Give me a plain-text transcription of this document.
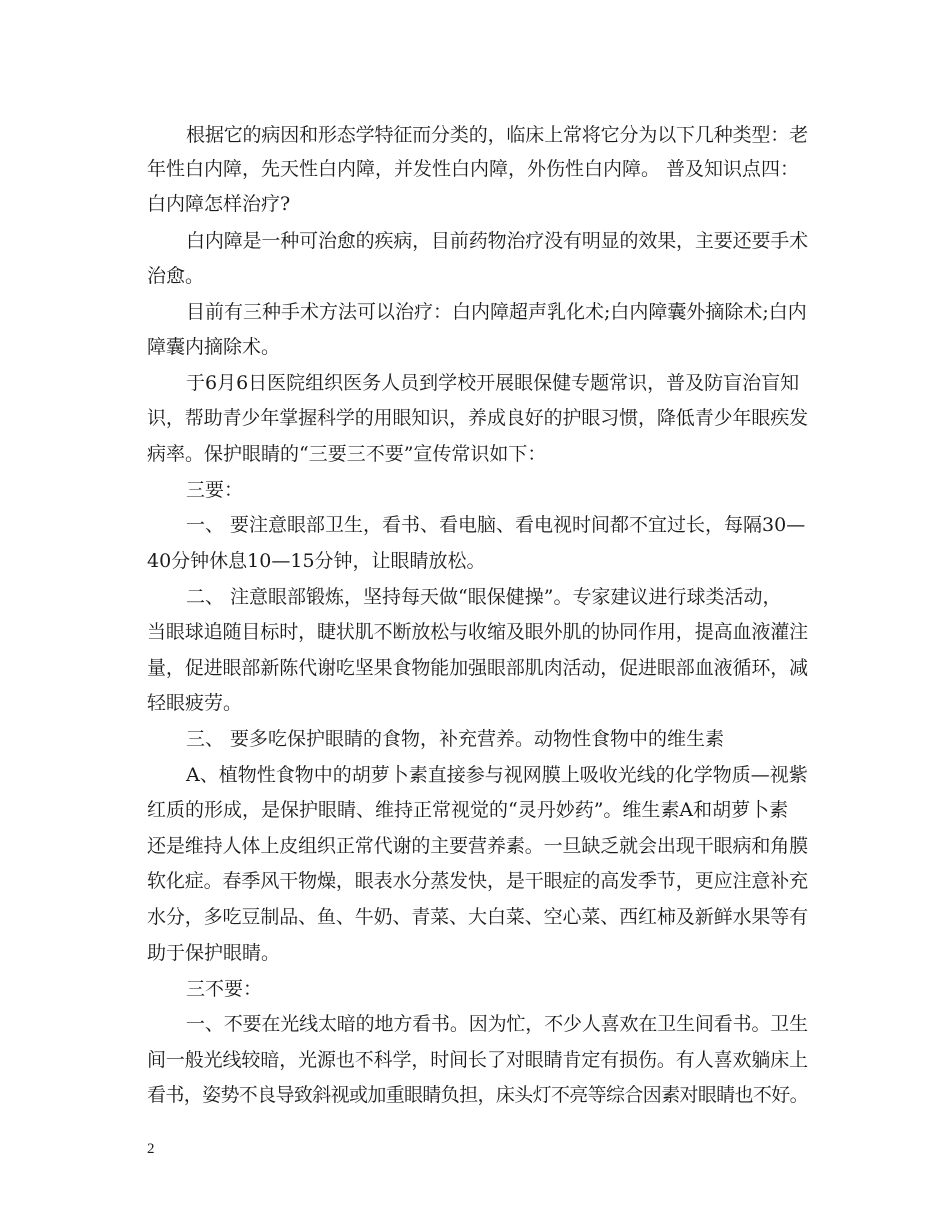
根据它的病因和形态学特征而分类的，临床上常将它分为以下几种类型：老
年性白内障，先天性白内障，并发性白内障，外伤性白内障。 普及知识点四：
白内障怎样治疗?
白内障是一种可治愈的疾病，目前药物治疗没有明显的效果，主要还要手术
治愈。
目前有三种手术方法可以治疗：白内障超声乳化术;白内障囊外摘除术;白内
障囊内摘除术。
于6月6日医院组织医务人员到学校开展眼保健专题常识，普及防盲治盲知
识，帮助青少年掌握科学的用眼知识，养成良好的护眼习惯，降低青少年眼疾发
病率。保护眼睛的“三要三不要”宣传常识如下：
三要：
一、 要注意眼部卫生，看书、看电脑、看电视时间都不宜过长，每隔30—
40分钟休息10—15分钟，让眼睛放松。
二、 注意眼部锻炼，坚持每天做“眼保健操”。专家建议进行球类活动，
当眼球追随目标时，睫状肌不断放松与收缩及眼外肌的协同作用，提高血液灌注
量，促进眼部新陈代谢吃坚果食物能加强眼部肌肉活动，促进眼部血液循环，减
轻眼疲劳。
三、 要多吃保护眼睛的食物，补充营养。动物性食物中的维生素
A、植物性食物中的胡萝卜素直接参与视网膜上吸收光线的化学物质—视紫
红质的形成，是保护眼睛、维持正常视觉的“灵丹妙药”。维生素A和胡萝卜素
还是维持人体上皮组织正常代谢的主要营养素。一旦缺乏就会出现干眼病和角膜
软化症。春季风干物燥，眼表水分蒸发快，是干眼症的高发季节，更应注意补充
水分，多吃豆制品、鱼、牛奶、青菜、大白菜、空心菜、西红柿及新鲜水果等有
助于保护眼睛。
三不要：
一、不要在光线太暗的地方看书。因为忙，不少人喜欢在卫生间看书。卫生
间一般光线较暗，光源也不科学，时间长了对眼睛肯定有损伤。有人喜欢躺床上
看书，姿势不良导致斜视或加重眼睛负担，床头灯不亮等综合因素对眼睛也不好。
2
